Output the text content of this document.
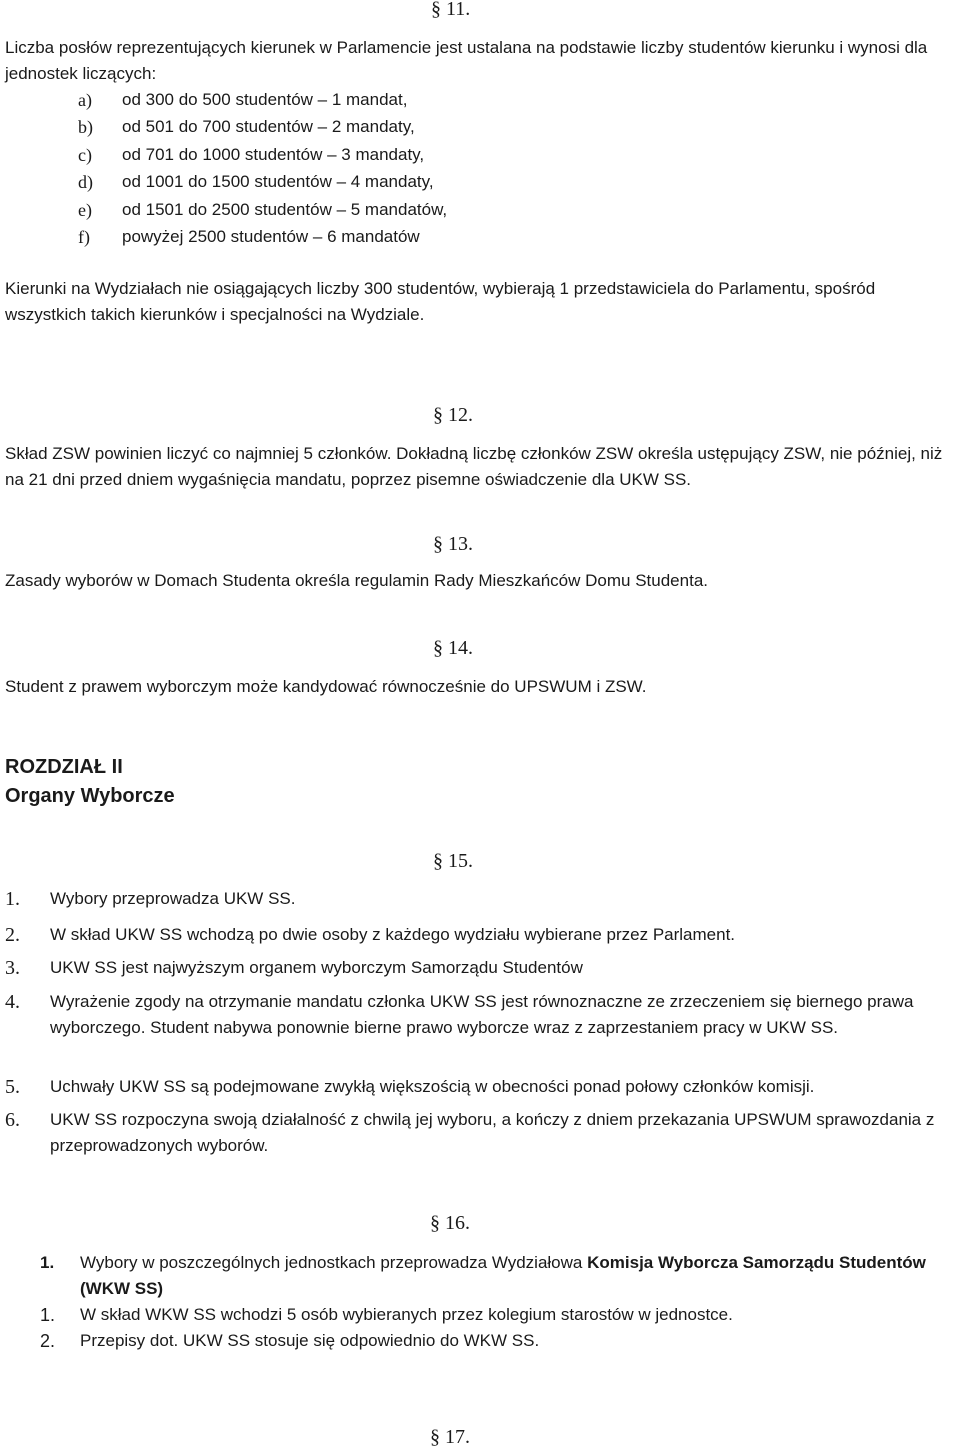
§ 11.

Liczba posłów reprezentujących kierunek w Parlamencie jest ustalana na podstawie liczby studentów kierunku i wynosi dla jednostek liczących:

a)	od 300 do 500 studentów – 1 mandat,
b)	od 501 do 700 studentów – 2 mandaty,
c)	od 701 do 1000 studentów – 3 mandaty,
d)	od 1001 do 1500 studentów – 4 mandaty,
e)	od 1501 do 2500 studentów – 5 mandatów,
f)	powyżej 2500 studentów – 6 mandatów

Kierunki na Wydziałach nie osiągających liczby 300 studentów, wybierają 1 przedstawiciela do Parlamentu, spośród wszystkich takich kierunków i specjalności na Wydziale.

§ 12.

Skład ZSW powinien liczyć co najmniej 5 członków. Dokładną liczbę członków ZSW określa ustępujący ZSW, nie później, niż na 21 dni przed dniem wygaśnięcia mandatu, poprzez pisemne oświadczenie dla UKW SS.

§ 13.

Zasady wyborów w Domach Studenta określa regulamin Rady Mieszkańców Domu Studenta.

§ 14.

Student z prawem wyborczym może kandydować równocześnie do UPSWUM i ZSW.

ROZDZIAŁ II

Organy Wyborcze

§ 15.
1.	Wybory przeprowadza UKW SS.
2.	W skład UKW SS wchodzą po dwie osoby z każdego wydziału wybierane przez Parlament.
3.	UKW SS jest najwyższym organem wyborczym Samorządu Studentów
4.	Wyrażenie zgody na otrzymanie mandatu członka UKW SS jest równoznaczne ze zrzeczeniem się biernego prawa wyborczego. Student nabywa ponownie bierne prawo wyborcze wraz z zaprzestaniem pracy w UKW SS.
5.	Uchwały UKW SS są podejmowane zwykłą większością w obecności ponad połowy członków komisji.
6.	UKW SS rozpoczyna swoją działalność z chwilą jej wyboru, a kończy z dniem przekazania UPSWUM sprawozdania z przeprowadzonych wyborów.
§ 16.
1.	Wybory w poszczególnych jednostkach przeprowadza Wydziałowa Komisja Wyborcza Samorządu Studentów (WKW SS)
1.	W skład WKW SS wchodzi 5 osób wybieranych przez kolegium starostów w jednostce.
2.	Przepisy dot. UKW SS stosuje się odpowiednio do WKW SS.
§ 17.
